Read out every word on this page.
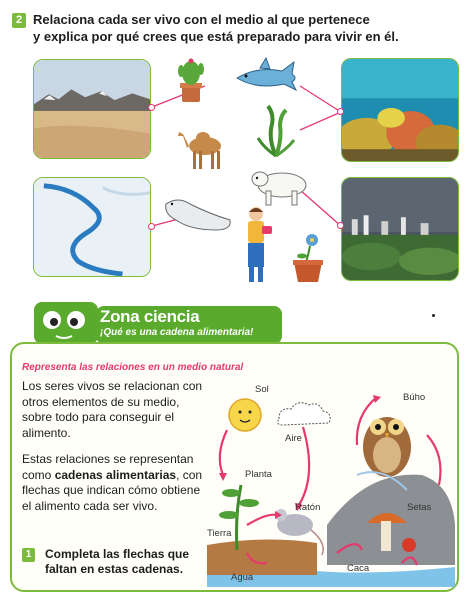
2 Relaciona cada ser vivo con el medio al que pertenece
y explica por qué crees que está preparado para vivir en él.
Zona ciencia
¡Qué es una cadena alimentaria!
Representa las relaciones en un medio natural
Los seres vivos se relacionan con otros elementos de su medio, sobre todo para conseguir el alimento.
Estas relaciones se representan como cadenas alimentarias, con flechas que indican cómo obtiene el alimento cada ser vivo.
1	Completa las flechas que faltan en estas cadenas.
Sol
Búho
Aire
Planta
Ratón	Setas
Tierra
Agua
Caca
